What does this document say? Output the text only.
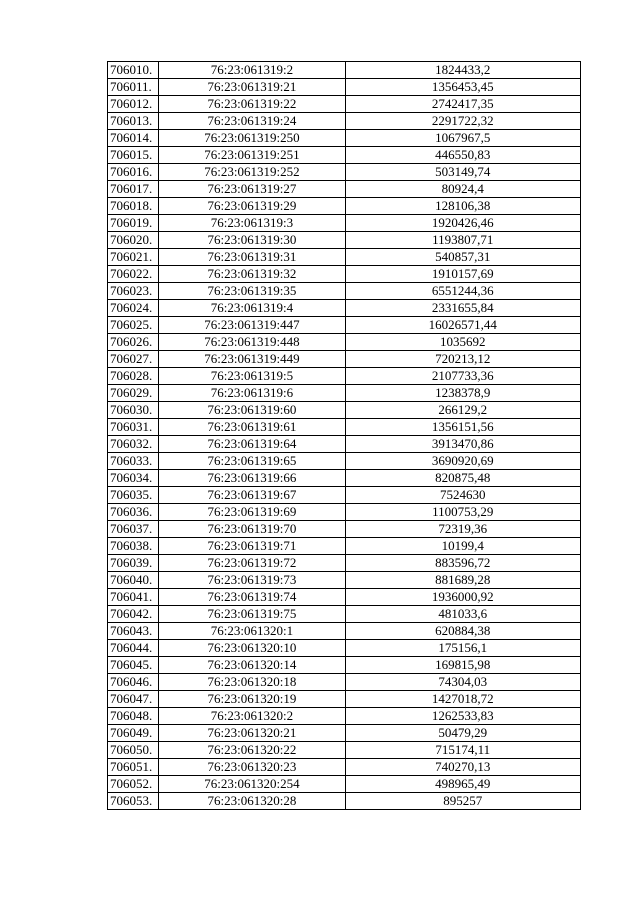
706010.	76:23:061319:2	1824433,2
706011.	76:23:061319:21	1356453,45
706012.	76:23:061319:22	2742417,35
706013.	76:23:061319:24	2291722,32
706014.	76:23:061319:250	1067967,5
706015.	76:23:061319:251	446550,83
706016.	76:23:061319:252	503149,74
706017.	76:23:061319:27	80924,4
706018.	76:23:061319:29	128106,38
706019.	76:23:061319:3	1920426,46
706020.	76:23:061319:30	1193807,71
706021.	76:23:061319:31	540857,31
706022.	76:23:061319:32	1910157,69
706023.	76:23:061319:35	6551244,36
706024.	76:23:061319:4	2331655,84
706025.	76:23:061319:447	16026571,44
706026.	76:23:061319:448	1035692
706027.	76:23:061319:449	720213,12
706028.	76:23:061319:5	2107733,36
706029.	76:23:061319:6	1238378,9
706030.	76:23:061319:60	266129,2
706031.	76:23:061319:61	1356151,56
706032.	76:23:061319:64	3913470,86
706033.	76:23:061319:65	3690920,69
706034.	76:23:061319:66	820875,48
706035.	76:23:061319:67	7524630
706036.	76:23:061319:69	1100753,29
706037.	76:23:061319:70	72319,36
706038.	76:23:061319:71	10199,4
706039.	76:23:061319:72	883596,72
706040.	76:23:061319:73	881689,28
706041.	76:23:061319:74	1936000,92
706042.	76:23:061319:75	481033,6
706043.	76:23:061320:1	620884,38
706044.	76:23:061320:10	175156,1
706045.	76:23:061320:14	169815,98
706046.	76:23:061320:18	74304,03
706047.	76:23:061320:19	1427018,72
706048.	76:23:061320:2	1262533,83
706049.	76:23:061320:21	50479,29
706050.	76:23:061320:22	715174,11
706051.	76:23:061320:23	740270,13
706052.	76:23:061320:254	498965,49
706053.	76:23:061320:28	895257
